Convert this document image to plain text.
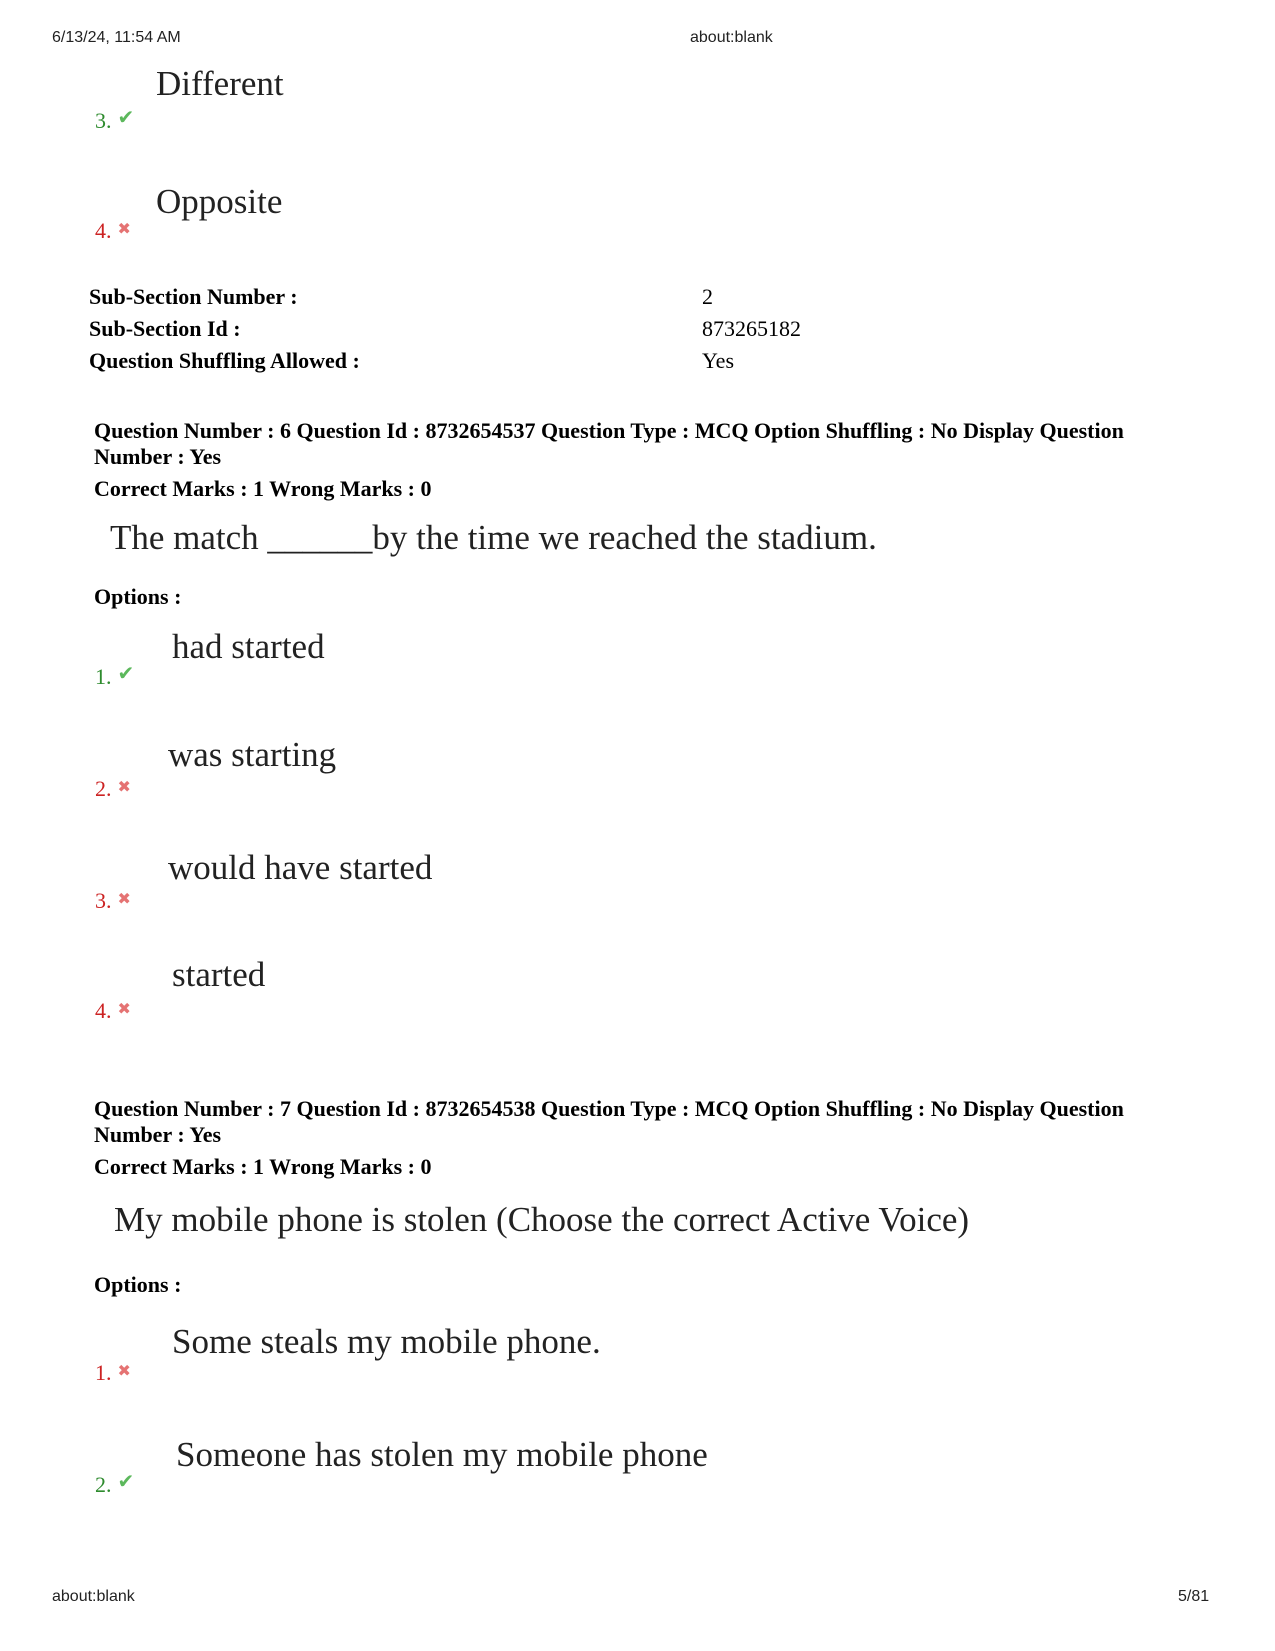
6/13/24, 11:54 AM	about:blank
Different
3. ✔
Opposite
4. ✖
Sub-Section Number :	2
Sub-Section Id :	873265182
Question Shuffling Allowed :	Yes
Question Number : 6 Question Id : 8732654537 Question Type : MCQ Option Shuffling : No Display Question Number : Yes
Correct Marks : 1 Wrong Marks : 0
The match ______by the time we reached the stadium.
Options :
had started
1. ✔
was starting
2. ✖
would have started
3. ✖
started
4. ✖
Question Number : 7 Question Id : 8732654538 Question Type : MCQ Option Shuffling : No Display Question Number : Yes
Correct Marks : 1 Wrong Marks : 0
My mobile phone is stolen (Choose the correct Active Voice)
Options :
Some steals my mobile phone.
1. ✖
Someone has stolen my mobile phone
2. ✔
about:blank	5/81
